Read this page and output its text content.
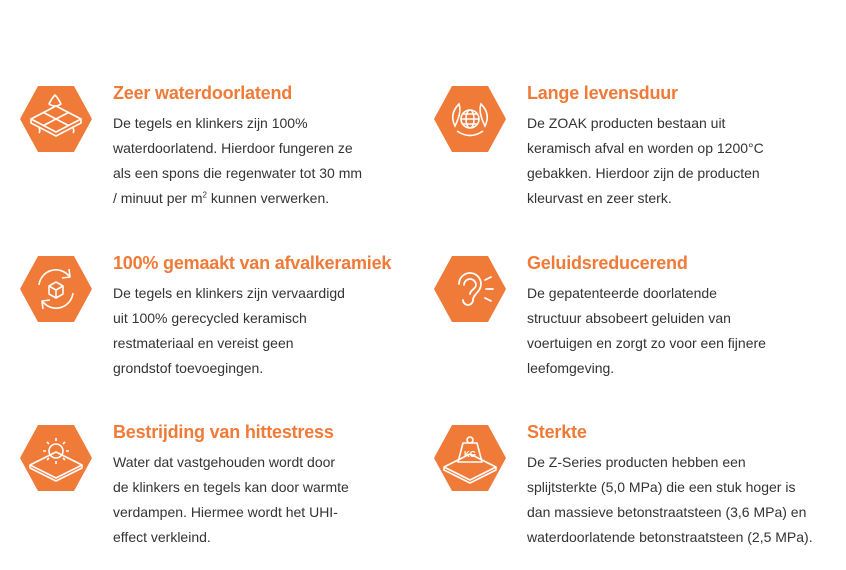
Zeer waterdoorlatend

De tegels en klinkers zijn 100%
waterdoorlatend. Hierdoor fungeren ze
als een spons die regenwater tot 30 mm
/ minuut per $m^2$ kunnen verwerken.

Lange levensduur

De ZOAK producten bestaan uit
keramisch afval en worden op 1200°C
gebakken. Hierdoor zijn de producten
kleurvast en zeer sterk.

100% gemaakt van afvalkeramiek

De tegels en klinkers zijn vervaardigd
uit 100% gerecycled keramisch
restmateriaal en vereist geen
grondstof toevoegingen.

Geluidsreducerend

De gepatenteerde doorlatende
structuur absobeert geluiden van
voertuigen en zorgt zo voor een fijnere
leefomgeving.

Bestrijding van hittestress

Water dat vastgehouden wordt door
de klinkers en tegels kan door warmte
verdampen. Hiermee wordt het UHI-
effect verkleind.

KG
Sterkte

De Z-Series producten hebben een
splijtsterkte (5,0 MPa) die een stuk hoger is
dan massieve betonstraatsteen (3,6 MPa) en
waterdoorlatende betonstraatsteen (2,5 MPa).
